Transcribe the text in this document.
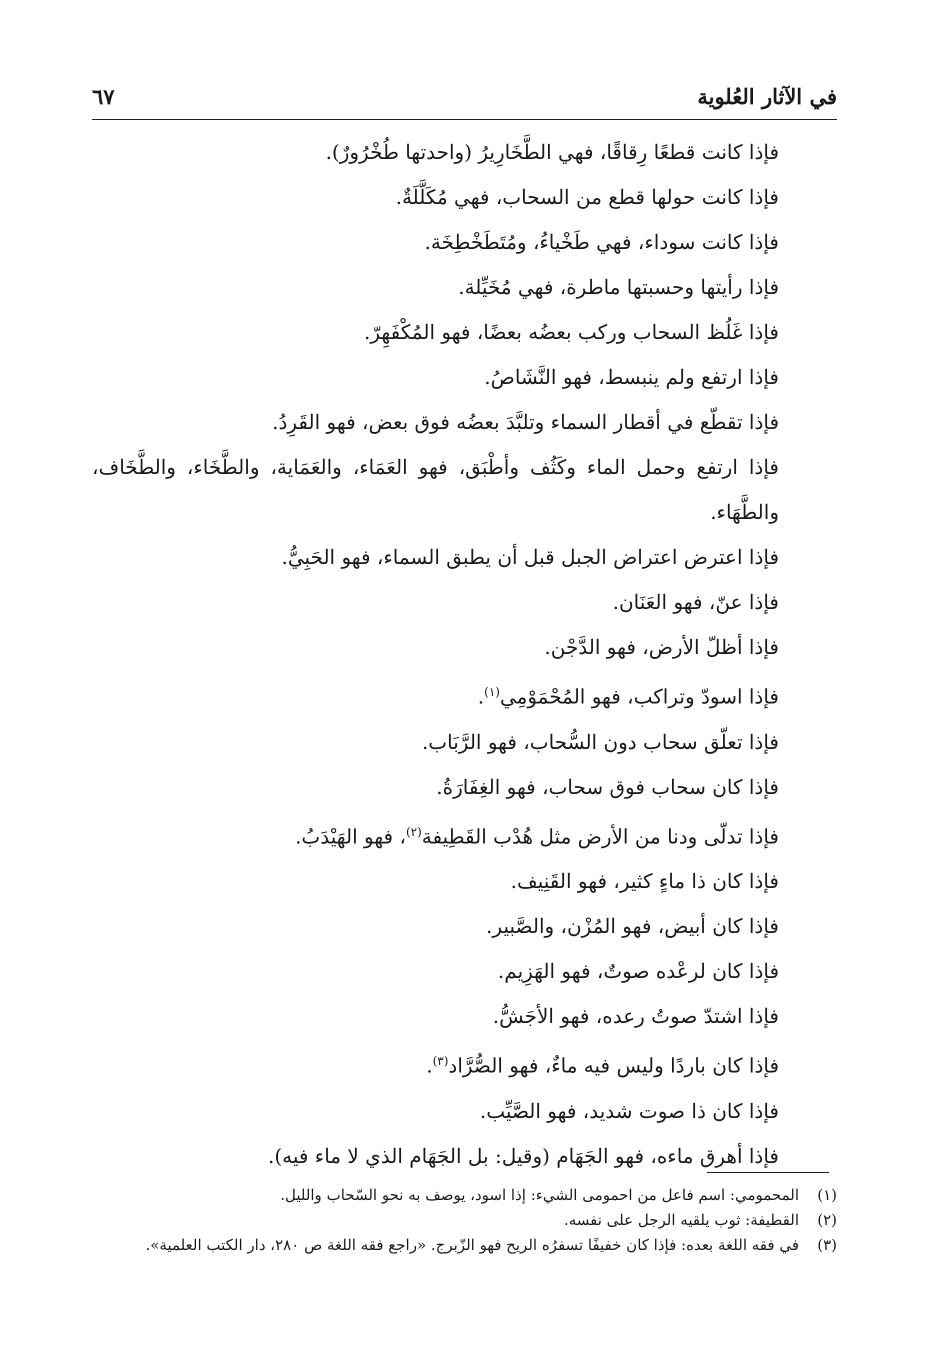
في الآثار العُلوية
٦٧

فإذا كانت قطعًا رِقاقًا، فهي الطَّخَارِيرُ (واحدتها طُخْرُورٌ).

فإذا كانت حولها قطع من السحاب، فهي مُكَلَّلَةٌ.

فإذا كانت سوداء، فهي طَخْياءُ، ومُتَطَخْطِخَة.

فإذا رأيتها وحسبتها ماطرة، فهي مُخَيِّلة.

فإذا غَلُظ السحاب وركب بعضُه بعضًا، فهو المُكْفَهِرّ.

فإذا ارتفع ولم ينبسط، فهو النَّشَاصُ.

فإذا تقطّع في أقطار السماء وتلبَّدَ بعضُه فوق بعض، فهو القَرِدُ.

فإذا ارتفع وحمل الماء وكَثُف وأطْبَق، فهو العَمَاء، والعَمَاية، والطَّخَاء، والطَّخَاف، والطَّهَاء.

فإذا اعترض اعتراض الجبل قبل أن يطبق السماء، فهو الحَبِيُّ.

فإذا عنّ، فهو العَنَان.

فإذا أظلّ الأرض، فهو الدَّجْن.

فإذا اسودّ وتراكب، فهو المُحْمَوْمِي$^{(١)}$.

فإذا تعلّق سحاب دون السُّحاب، فهو الرَّبَاب.

فإذا كان سحاب فوق سحاب، فهو الغِفَارَةُ.

فإذا تدلّى ودنا من الأرض مثل هُدْب القَطِيفة$^{(٢)}$، فهو الهَيْدَبُ.

فإذا كان ذا ماءٍ كثير، فهو القَنِيف.

فإذا كان أبيض، فهو المُزْن، والصَّبير.

فإذا كان لرعْده صوتٌ، فهو الهَزِيم.

فإذا اشتدّ صوتُ رعده، فهو الأجَشُّ.

فإذا كان باردًا وليس فيه ماءٌ، فهو الصُّرَّاد$^{(٣)}$.

فإذا كان ذا صوت شديد، فهو الصَّيِّب.

فإذا أهرق ماءه، فهو الجَهَام (وقيل: بل الجَهَام الذي لا ماء فيه).

(١)
المحمومي: اسم فاعل من احمومى الشيء: إذا اسود، يوصف به نحو السّحاب والليل.
(٢)
القطيفة: ثوب يلقيه الرجل على نفسه.
(٣)
في فقه اللغة بعده: فإذا كان خفيفًا تسفرُه الريح فهو الزّبرج. «راجع فقه اللغة ص ٢٨٠، دار الكتب العلمية».
